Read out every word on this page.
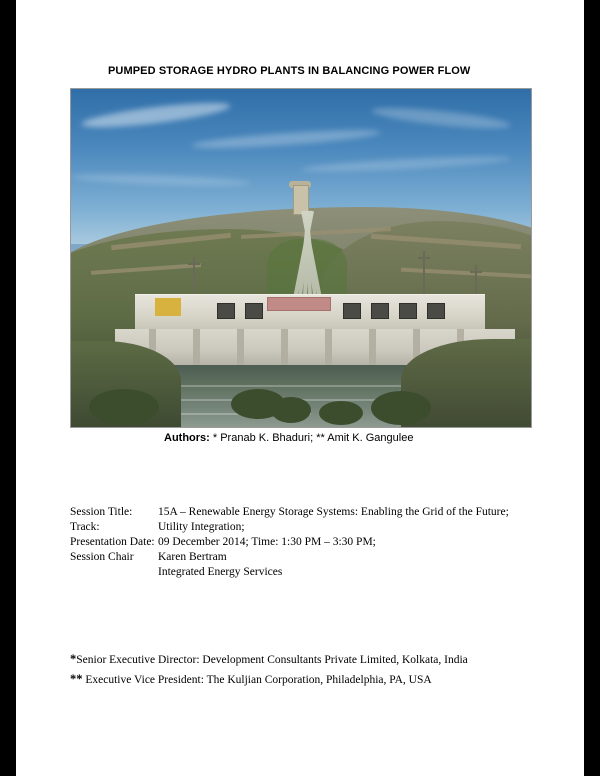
PUMPED STORAGE HYDRO PLANTS IN BALANCING POWER FLOW
Authors: * Pranab K. Bhaduri; ** Amit K. Gangulee
Session Title:	15A – Renewable Energy Storage Systems: Enabling the Grid of the Future;
Track:	Utility Integration;
Presentation Date: 09 December 2014; Time: 1:30 PM – 3:30 PM;
Session Chair	Karen Bertram
Integrated Energy Services
*Senior Executive Director: Development Consultants Private Limited, Kolkata, India
** Executive Vice President: The Kuljian Corporation, Philadelphia, PA, USA
